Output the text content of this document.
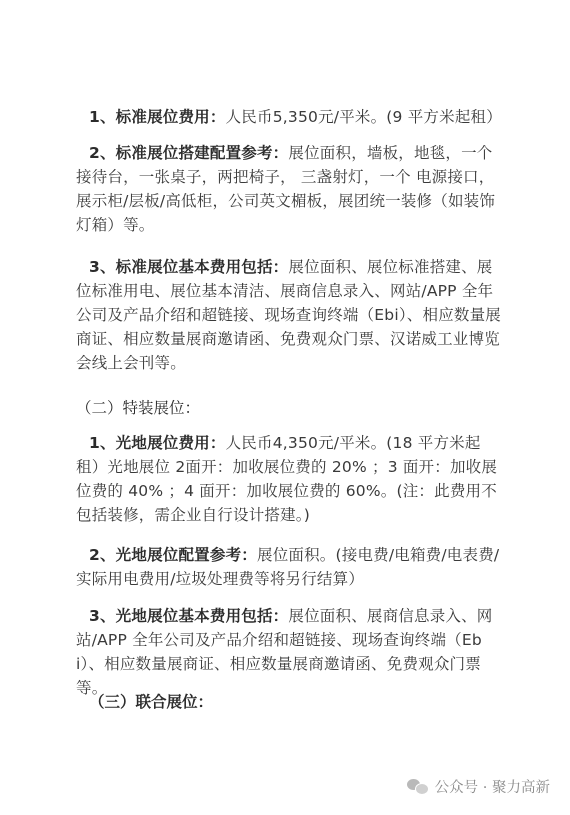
1、标准展位费用：人民币5,350元/平米。(9 平方米起租）
2、标准展位搭建配置参考：展位面积，墙板，地毯，一个接待台，一张桌子，两把椅子， 三盏射灯，一个 电源接口，展示柜/层板/高低柜，公司英文楣板，展团统一装修（如装饰灯箱）等。
3、标准展位基本费用包括：展位面积、展位标准搭建、展位标准用电、展位基本清洁、展商信息录入、网站/APP 全年公司及产品介绍和超链接、现场查询终端（Ebi）、相应数量展商证、相应数量展商邀请函、免费观众门票、汉诺威工业博览会线上会刊等。
（二）特装展位：
1、光地展位费用：人民币4,350元/平米。(18 平方米起租）光地展位 2面开：加收展位费的 20% ；3 面开：加收展位费的 40% ；4 面开：加收展位费的 60%。(注：此费用不包括装修，需企业自行设计搭建。)
2、光地展位配置参考：展位面积。(接电费/电箱费/电表费/实际用电费用/垃圾处理费等将另行结算）
3、光地展位基本费用包括：展位面积、展商信息录入、网站/APP 全年公司及产品介绍和超链接、现场查询终端（Ebi）、相应数量展商证、相应数量展商邀请函、免费观众门票等。
（三）联合展位：
公众号 · 聚力高新
